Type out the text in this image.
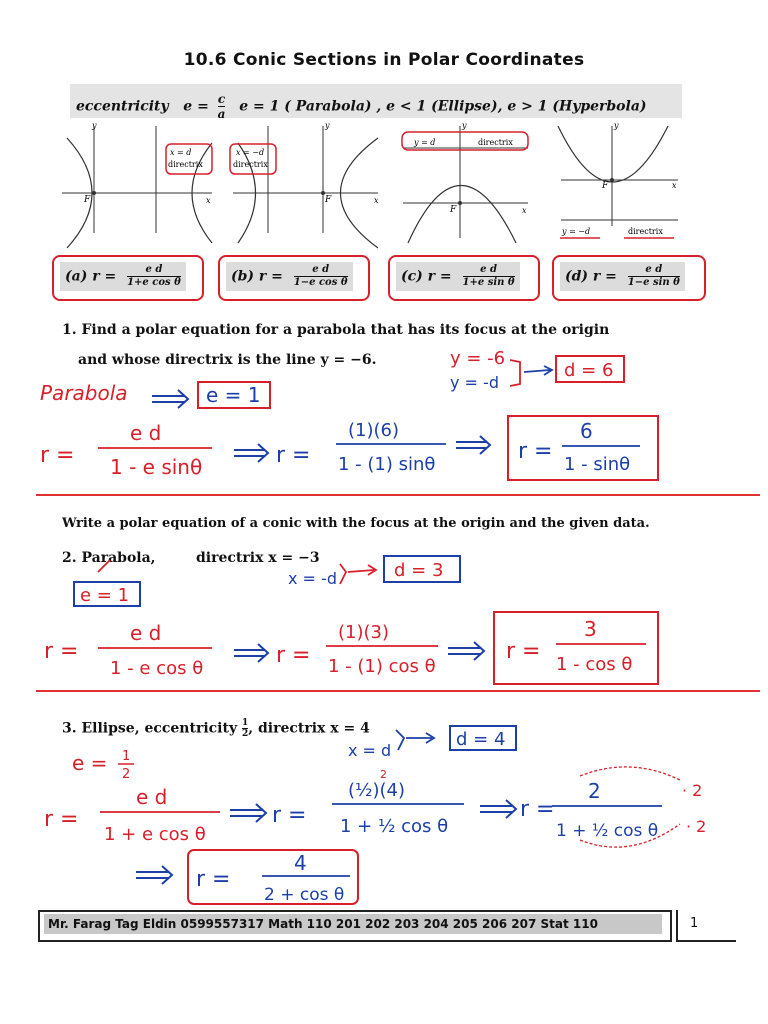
10.6 Conic Sections in Polar Coordinates
eccentricity $e = \frac{c}{a}$ e = 1 ( Parabola) , e < 1 (Ellipse), e > 1 (Hyperbola)
y
x
F
x = d
directrix
y
x
F
x = −d
directrix
y
x
F
y = d	directrix
y
x
F
y = −d	directrix
(a) $r = \frac{\text{e d}}{\text{1+e cos θ}}$	(b) $r = \frac{\text{e d}}{\text{1−e cos θ}}$	(c) $r = \frac{\text{e d}}{\text{1+e sin θ}}$	(d) $r = \frac{\text{e d}}{\text{1−e sin θ}}$
1. Find a polar equation for a parabola that has its focus at the origin
and whose directrix is the line y = −6.	y = -6
y = -d
d = 6
Parabola	e = 1
r =
e d
1 - e sinθ	r =
(1)(6)
1 - (1) sinθ
r =
6
1 - sinθ
Write a polar equation of a conic with the focus at the origin and the given data.
2. Parabola,	directrix x = −3
x = -d	d = 3
e = 1
r =
e d
1 - e cos θ
r =
(1)(3)
1 - (1) cos θ
r =
3
1 - cos θ
3. Ellipse, eccentricity $\frac{1}{2}$ , directrix x = 4
x = d
d = 4
e = 1
2
r =
e d
1 + e cos θ
r =
(½)(4)
2
1 + ½ cos θ
r =
2
1 + ½ cos θ
· 2
· 2
r =
4
2 + cos θ
Mr. Farag Tag Eldin 0599557317 Math 110 201 202 203 204 205 206 207 Stat 110	1
